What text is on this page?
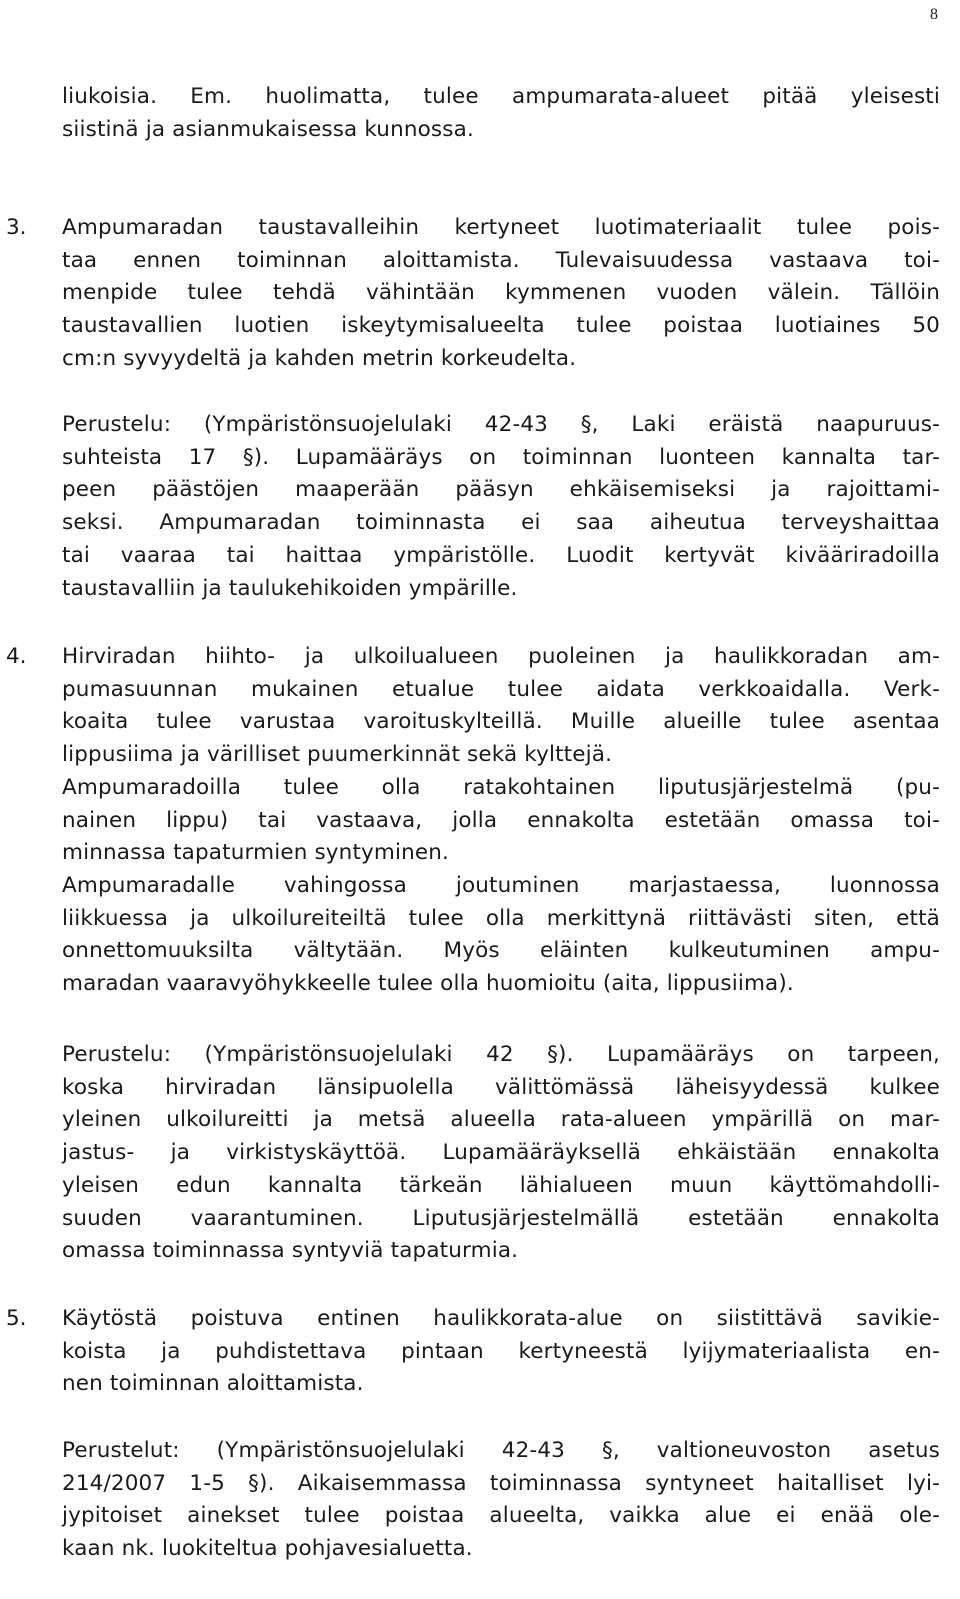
8
liukoisia. Em. huolimatta, tulee ampumarata-alueet pitää yleisesti
siistinä ja asianmukaisessa kunnossa.
3. Ampumaradan taustavalleihin kertyneet luotimateriaalit tulee pois-
taa ennen toiminnan aloittamista. Tulevaisuudessa vastaava toi-
menpide tulee tehdä vähintään kymmenen vuoden välein. Tällöin
taustavallien luotien iskeytymisalueelta tulee poistaa luotiaines 50
cm:n syvyydeltä ja kahden metrin korkeudelta.
Perustelu: (Ympäristönsuojelulaki 42-43 §, Laki eräistä naapuruus-
suhteista 17 §). Lupamääräys on toiminnan luonteen kannalta tar-
peen päästöjen maaperään pääsyn ehkäisemiseksi ja rajoittami-
seksi. Ampumaradan toiminnasta ei saa aiheutua terveyshaittaa
tai vaaraa tai haittaa ympäristölle. Luodit kertyvät kivääriradoilla
taustavalliin ja taulukehikoiden ympärille.
4. Hirviradan hiihto- ja ulkoilualueen puoleinen ja haulikkoradan am-
pumasuunnan mukainen etualue tulee aidata verkkoaidalla. Verk-
koaita tulee varustaa varoituskylteillä. Muille alueille tulee asentaa
lippusiima ja värilliset puumerkinnät sekä kylttejä.
Ampumaradoilla tulee olla ratakohtainen liputusjärjestelmä (pu-
nainen lippu) tai vastaava, jolla ennakolta estetään omassa toi-
minnassa tapaturmien syntyminen.
Ampumaradalle vahingossa joutuminen marjastaessa, luonnossa
liikkuessa ja ulkoilureiteiltä tulee olla merkittynä riittävästi siten, että
onnettomuuksilta vältytään. Myös eläinten kulkeutuminen ampu-
maradan vaaravyöhykkeelle tulee olla huomioitu (aita, lippusiima).
Perustelu: (Ympäristönsuojelulaki 42 §). Lupamääräys on tarpeen,
koska hirviradan länsipuolella välittömässä läheisyydessä kulkee
yleinen ulkoilureitti ja metsä alueella rata-alueen ympärillä on mar-
jastus- ja virkistyskäyttöä. Lupamääräyksellä ehkäistään ennakolta
yleisen edun kannalta tärkeän lähialueen muun käyttömahdolli-
suuden vaarantuminen. Liputusjärjestelmällä estetään ennakolta
omassa toiminnassa syntyviä tapaturmia.
5. Käytöstä poistuva entinen haulikkorata-alue on siistittävä savikie-
koista ja puhdistettava pintaan kertyneestä lyijymateriaalista en-
nen toiminnan aloittamista.
Perustelut: (Ympäristönsuojelulaki 42-43 §, valtioneuvoston asetus
214/2007 1-5 §). Aikaisemmassa toiminnassa syntyneet haitalliset lyi-
jypitoiset ainekset tulee poistaa alueelta, vaikka alue ei enää ole-
kaan nk. luokiteltua pohjavesialuetta.
